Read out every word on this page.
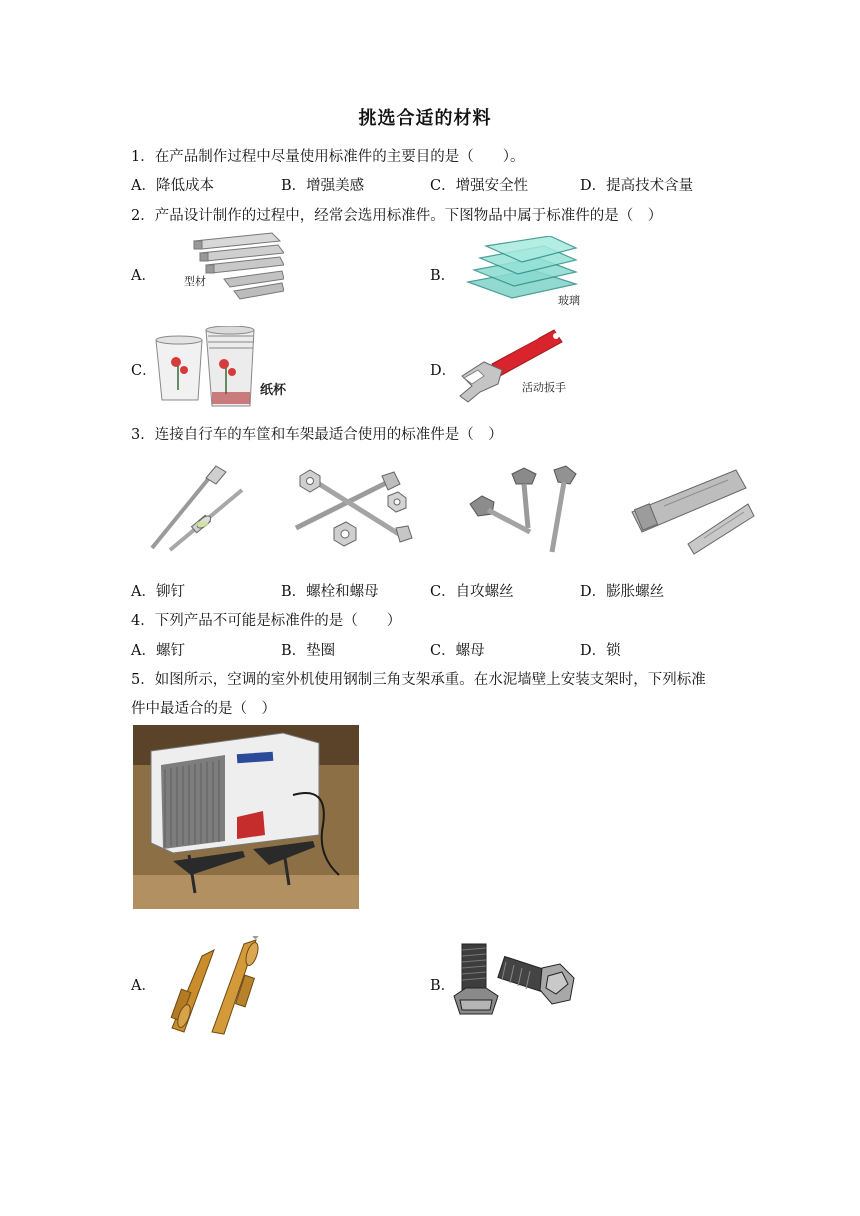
挑选合适的材料
1．在产品制作过程中尽量使用标准件的主要目的是（　　）。
A．降低成本	B．增强美感	C．增强安全性	D．提高技术含量
2．产品设计制作的过程中，经常会选用标准件。下图物品中属于标准件的是（　）
A．	型材	B．
玻璃
C．
纸杯
D．
活动扳手
3．连接自行车的车筐和车架最适合使用的标准件是（　）
A．铆钉	B．螺栓和螺母	C．自攻螺丝	D．膨胀螺丝
4．下列产品不可能是标准件的是（　　）
A．螺钉	B．垫圈	C．螺母	D．锁
5．如图所示，空调的室外机使用钢制三角支架承重。在水泥墙壁上安装支架时，下列标准
件中最适合的是（　）
A．	B．
